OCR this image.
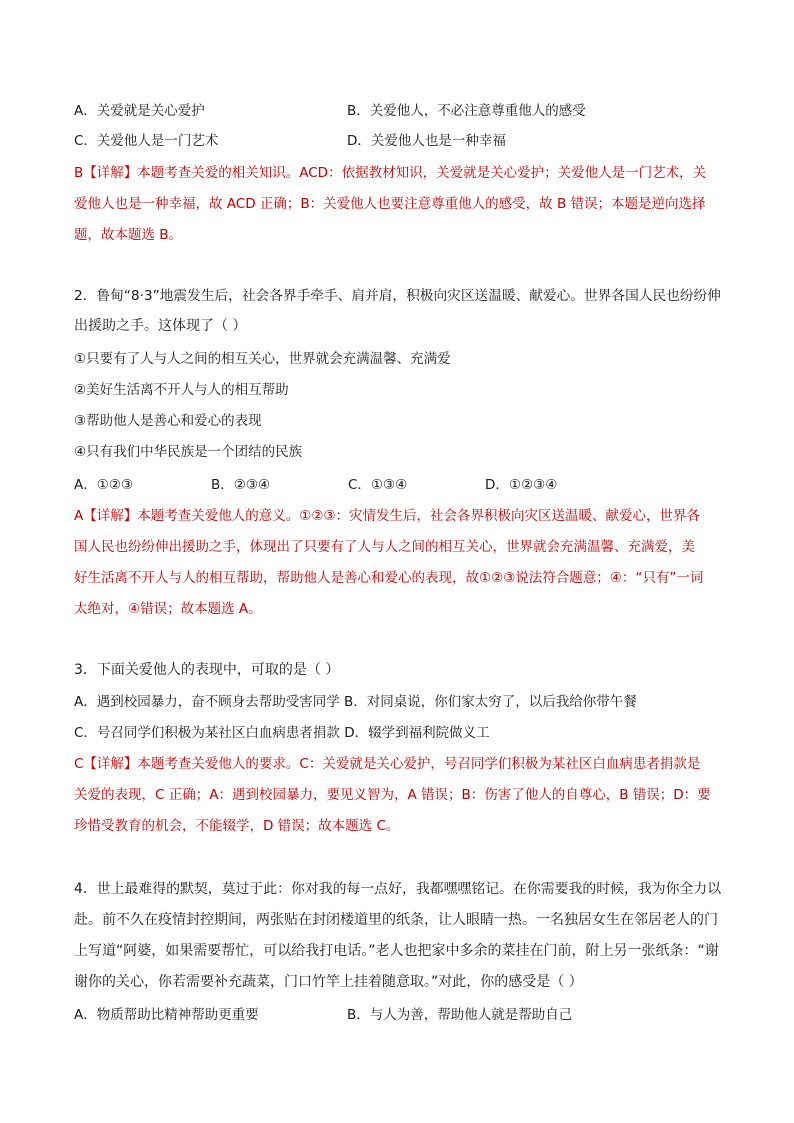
A．关爱就是关心爱护	B．关爱他人，不必注意尊重他人的感受
C．关爱他人是一门艺术	D．关爱他人也是一种幸福
B【详解】本题考查关爱的相关知识。ACD：依据教材知识，关爱就是关心爱护；关爱他人是一门艺术，关
爱他人也是一种幸福，故 ACD 正确；B：关爱他人也要注意尊重他人的感受，故 B 错误；本题是逆向选择
题，故本题选 B。
2．鲁甸“8·3”地震发生后，社会各界手牵手、肩并肩，积极向灾区送温暖、献爱心。世界各国人民也纷纷伸
出援助之手。这体现了（ ）
①只要有了人与人之间的相互关心，世界就会充满温馨、充满爱
②美好生活离不开人与人的相互帮助
③帮助他人是善心和爱心的表现
④只有我们中华民族是一个团结的民族
A．①②③	B．②③④	C．①③④	D．①②③④
A【详解】本题考查关爱他人的意义。①②③：灾情发生后，社会各界积极向灾区送温暖、献爱心，世界各
国人民也纷纷伸出援助之手，体现出了只要有了人与人之间的相互关心，世界就会充满温馨、充满爱，美
好生活离不开人与人的相互帮助，帮助他人是善心和爱心的表现，故①②③说法符合题意；④：“只有”一词
太绝对，④错误；故本题选 A。
3．下面关爱他人的表现中，可取的是（ ）
A．遇到校园暴力，奋不顾身去帮助受害同学 B．对同桌说，你们家太穷了，以后我给你带午餐
C．号召同学们积极为某社区白血病患者捐款 D．辍学到福利院做义工
C【详解】本题考查关爱他人的要求。C：关爱就是关心爱护，号召同学们积极为某社区白血病患者捐款是
关爱的表现，C 正确；A：遇到校园暴力，要见义智为，A 错误；B：伤害了他人的自尊心，B 错误；D：要
珍惜受教育的机会，不能辍学，D 错误；故本题选 C。
4．世上最难得的默契，莫过于此：你对我的每一点好，我都嘿嘿铭记。在你需要我的时候，我为你全力以
赴。前不久在疫情封控期间，两张贴在封闭楼道里的纸条，让人眼睛一热。一名独居女生在邻居老人的门
上写道“阿婆，如果需要帮忙，可以给我打电话。”老人也把家中多余的菜挂在门前，附上另一张纸条：“谢
谢你的关心，你若需要补充蔬菜，门口竹竿上挂着随意取。”对此，你的感受是（ ）
A．物质帮助比精神帮助更重要	B．与人为善，帮助他人就是帮助自己
